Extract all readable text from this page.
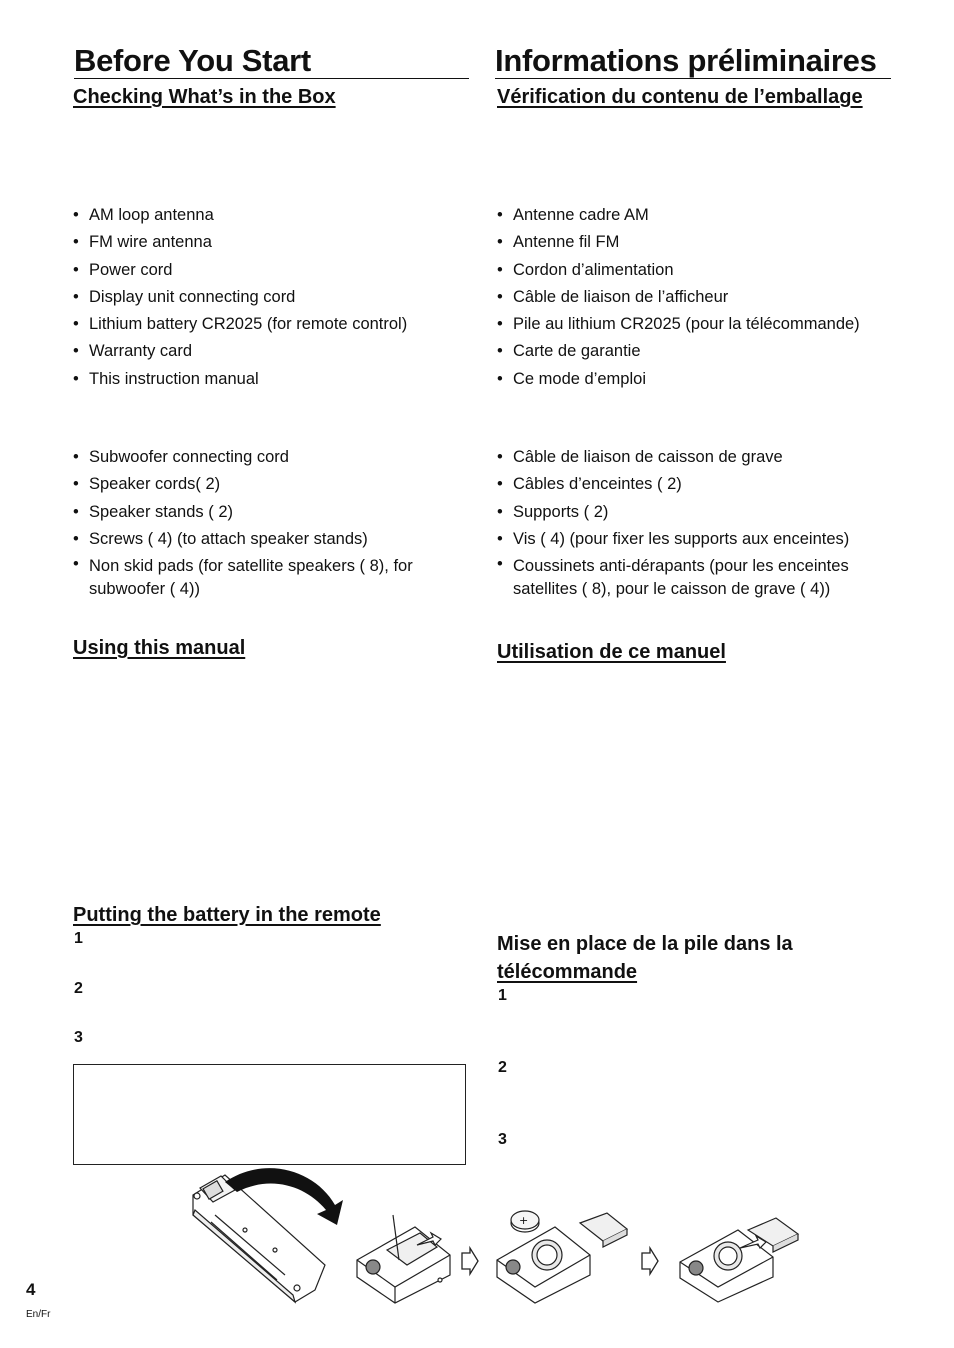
Before You Start	Informations préliminaires
Checking What’s in the Box	Vérification du contenu de l’emballage
• AM loop antenna
• FM wire antenna
• Power cord
• Display unit connecting cord
• Lithium battery CR2025 (for remote control)
• Warranty card
• This instruction manual
• Antenne cadre AM
• Antenne fil FM
• Cordon d’alimentation
• Câble de liaison de l’afficheur
• Pile au lithium CR2025 (pour la télécommande)
• Carte de garantie
• Ce mode d’emploi
• Subwoofer connecting cord
• Speaker cords( 2)
• Speaker stands ( 2)
• Screws ( 4) (to attach speaker stands)
• Non skid pads (for satellite speakers ( 8), for subwoofer ( 4))
• Câble de liaison de caisson de grave
• Câbles d’enceintes ( 2)
• Supports ( 2)
• Vis ( 4) (pour fixer les supports aux enceintes)
• Coussinets anti-dérapants (pour les enceintes satellites ( 8), pour le caisson de grave ( 4))
Using this manual	Utilisation de ce manuel
Putting the battery in the remote
1
2
3
Mise en place de la pile dans la
télécommande
1
2
3
+
4
En/Fr
